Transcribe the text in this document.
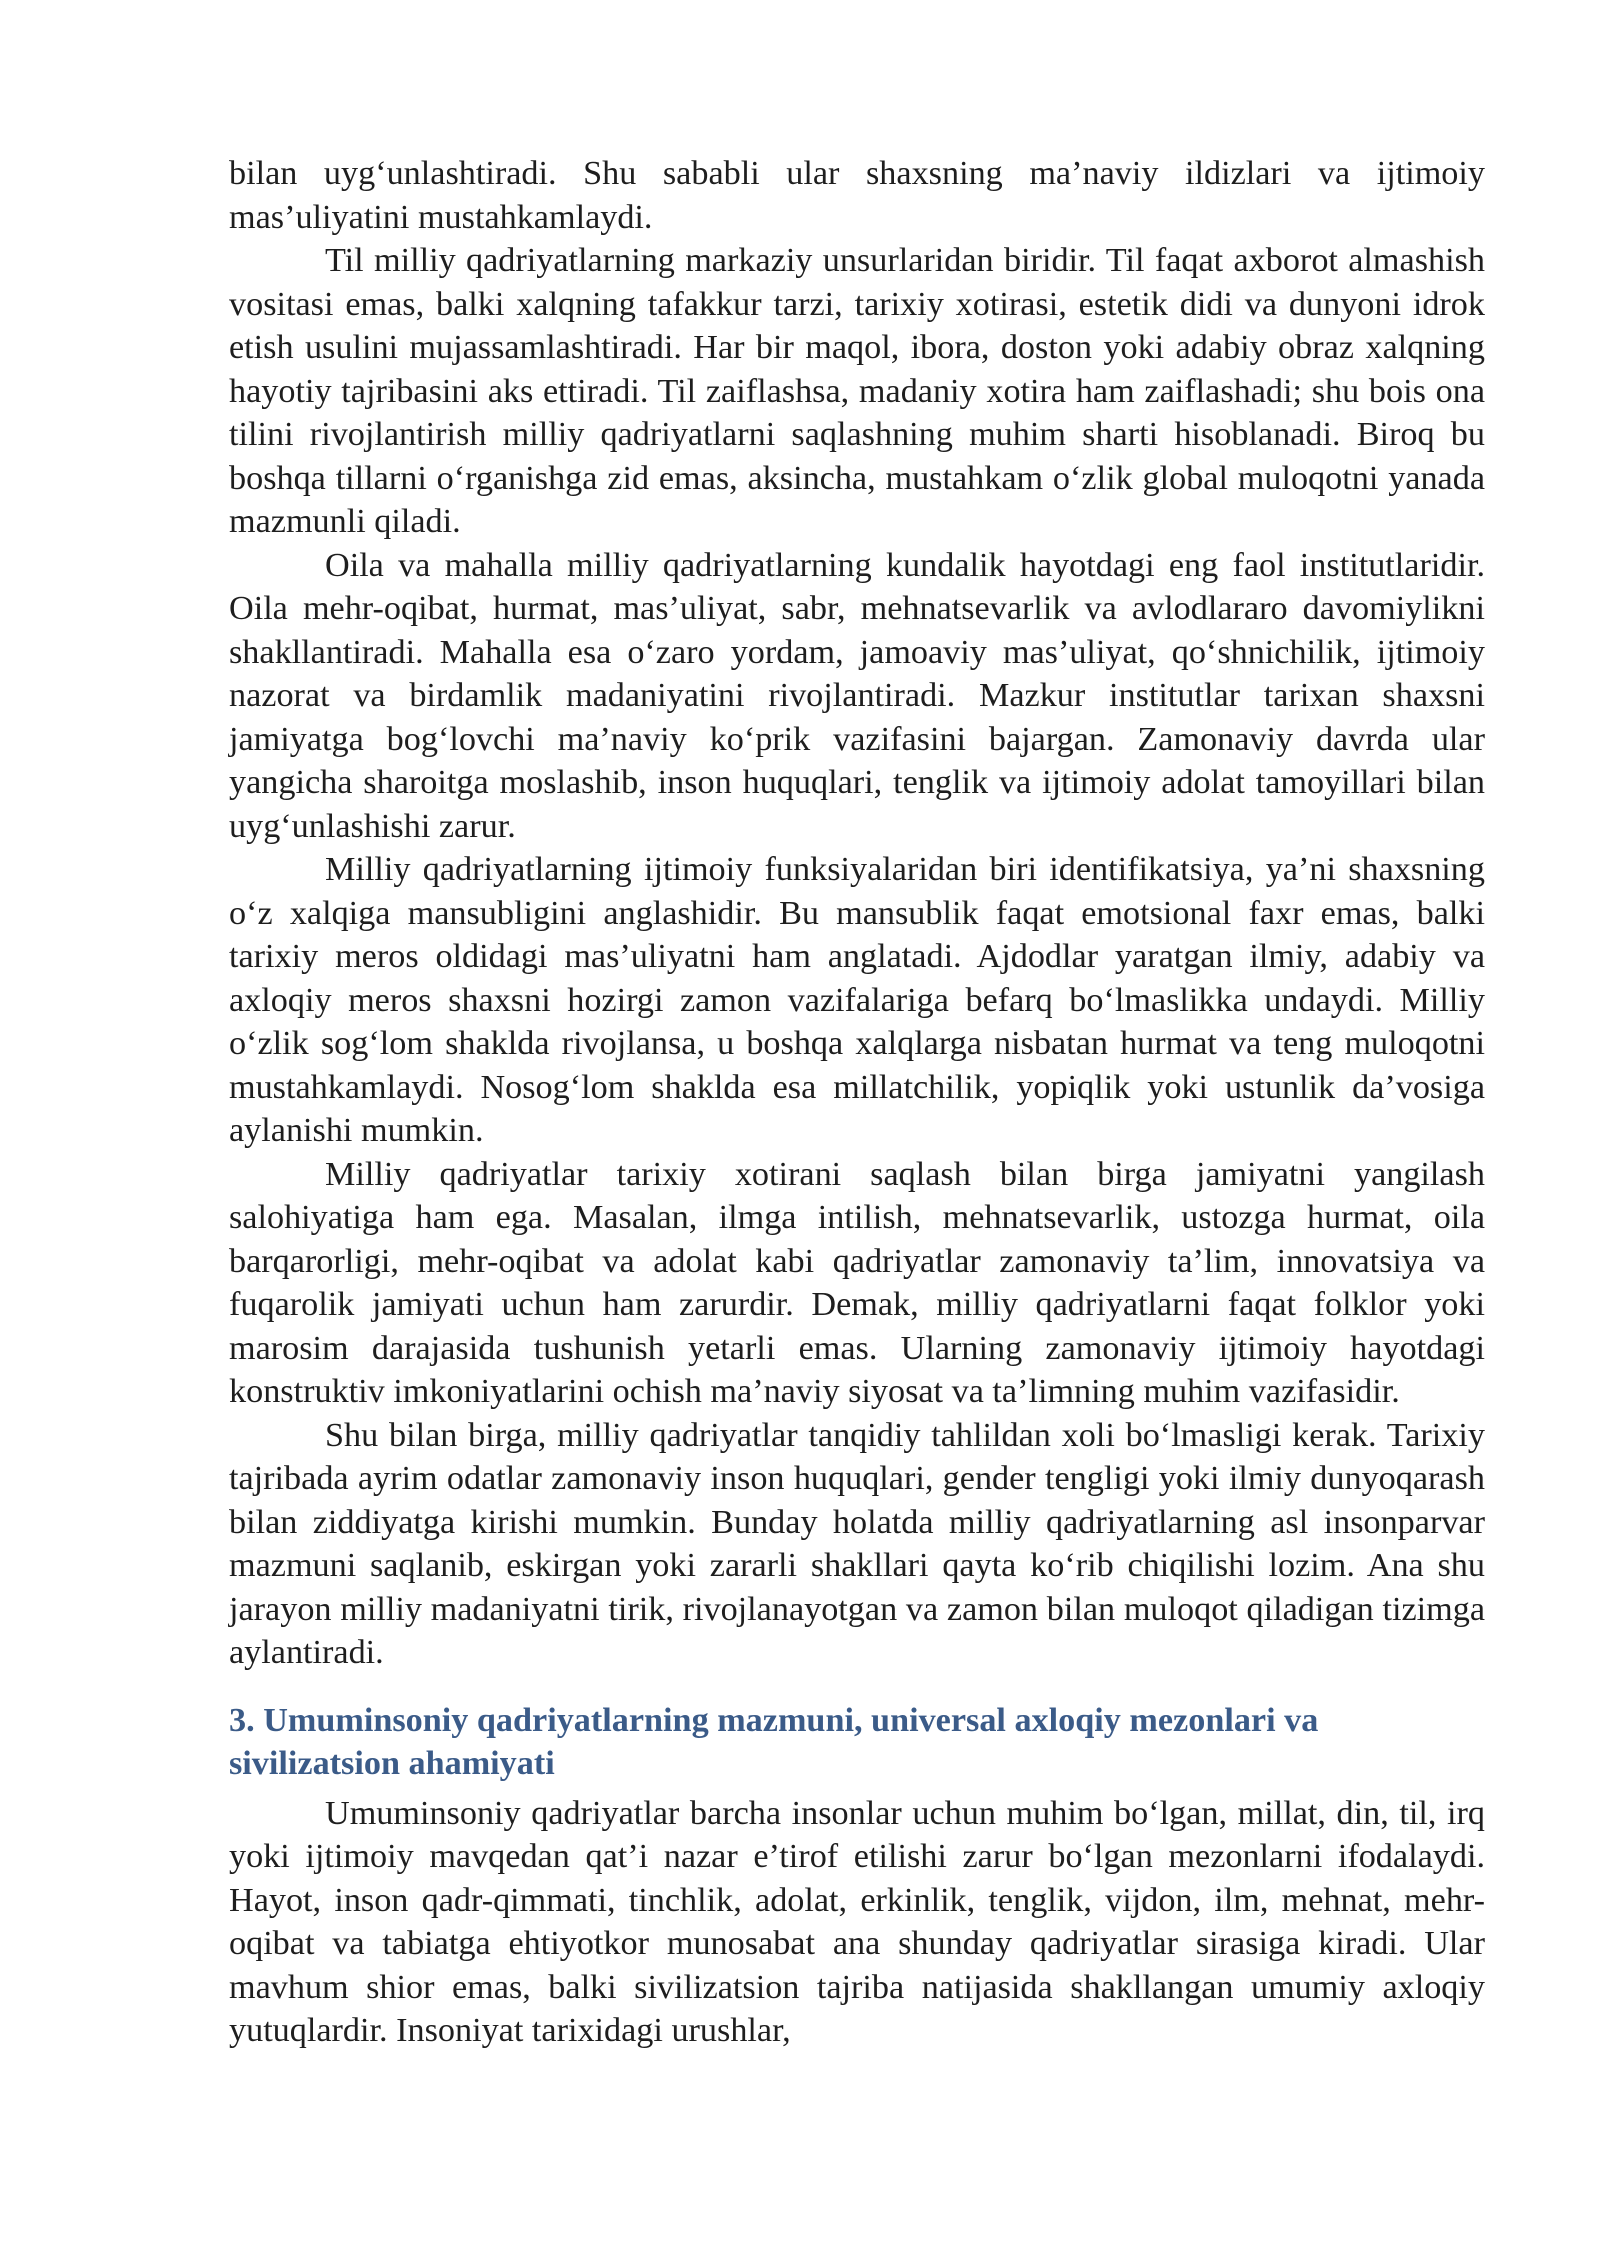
bilan uyg‘unlashtiradi. Shu sababli ular shaxsning ma’naviy ildizlari va ijtimoiy mas’uliyatini mustahkamlaydi.

Til milliy qadriyatlarning markaziy unsurlaridan biridir. Til faqat axborot almashish vositasi emas, balki xalqning tafakkur tarzi, tarixiy xotirasi, estetik didi va dunyoni idrok etish usulini mujassamlashtiradi. Har bir maqol, ibora, doston yoki adabiy obraz xalqning hayotiy tajribasini aks ettiradi. Til zaiflashsa, madaniy xotira ham zaiflashadi; shu bois ona tilini rivojlantirish milliy qadriyatlarni saqlashning muhim sharti hisoblanadi. Biroq bu boshqa tillarni o‘rganishga zid emas, aksincha, mustahkam o‘zlik global muloqotni yanada mazmunli qiladi.

Oila va mahalla milliy qadriyatlarning kundalik hayotdagi eng faol institutlaridir. Oila mehr-oqibat, hurmat, mas’uliyat, sabr, mehnatsevarlik va avlodlararo davomiylikni shakllantiradi. Mahalla esa o‘zaro yordam, jamoaviy mas’uliyat, qo‘shnichilik, ijtimoiy nazorat va birdamlik madaniyatini rivojlantiradi. Mazkur institutlar tarixan shaxsni jamiyatga bog‘lovchi ma’naviy ko‘prik vazifasini bajargan. Zamonaviy davrda ular yangicha sharoitga moslashib, inson huquqlari, tenglik va ijtimoiy adolat tamoyillari bilan uyg‘unlashishi zarur.

Milliy qadriyatlarning ijtimoiy funksiyalaridan biri identifikatsiya, ya’ni shaxsning o‘z xalqiga mansubligini anglashidir. Bu mansublik faqat emotsional faxr emas, balki tarixiy meros oldidagi mas’uliyatni ham anglatadi. Ajdodlar yaratgan ilmiy, adabiy va axloqiy meros shaxsni hozirgi zamon vazifalariga befarq bo‘lmaslikka undaydi. Milliy o‘zlik sog‘lom shaklda rivojlansa, u boshqa xalqlarga nisbatan hurmat va teng muloqotni mustahkamlaydi. Nosog‘lom shaklda esa millatchilik, yopiqlik yoki ustunlik da’vosiga aylanishi mumkin.

Milliy qadriyatlar tarixiy xotirani saqlash bilan birga jamiyatni yangilash salohiyatiga ham ega. Masalan, ilmga intilish, mehnatsevarlik, ustozga hurmat, oila barqarorligi, mehr-oqibat va adolat kabi qadriyatlar zamonaviy ta’lim, innovatsiya va fuqarolik jamiyati uchun ham zarurdir. Demak, milliy qadriyatlarni faqat folklor yoki marosim darajasida tushunish yetarli emas. Ularning zamonaviy ijtimoiy hayotdagi konstruktiv imkoniyatlarini ochish ma’naviy siyosat va ta’limning muhim vazifasidir.

Shu bilan birga, milliy qadriyatlar tanqidiy tahlildan xoli bo‘lmasligi kerak. Tarixiy tajribada ayrim odatlar zamonaviy inson huquqlari, gender tengligi yoki ilmiy dunyoqarash bilan ziddiyatga kirishi mumkin. Bunday holatda milliy qadriyatlarning asl insonparvar mazmuni saqlanib, eskirgan yoki zararli shakllari qayta ko‘rib chiqilishi lozim. Ana shu jarayon milliy madaniyatni tirik, rivojlanayotgan va zamon bilan muloqot qiladigan tizimga aylantiradi.

3. Umuminsoniy qadriyatlarning mazmuni, universal axloqiy mezonlari va sivilizatsion ahamiyati

Umuminsoniy qadriyatlar barcha insonlar uchun muhim bo‘lgan, millat, din, til, irq yoki ijtimoiy mavqedan qat’i nazar e’tirof etilishi zarur bo‘lgan mezonlarni ifodalaydi. Hayot, inson qadr-qimmati, tinchlik, adolat, erkinlik, tenglik, vijdon, ilm, mehnat, mehr-oqibat va tabiatga ehtiyotkor munosabat ana shunday qadriyatlar sirasiga kiradi. Ular mavhum shior emas, balki sivilizatsion tajriba natijasida shakllangan umumiy axloqiy yutuqlardir. Insoniyat tarixidagi urushlar,
